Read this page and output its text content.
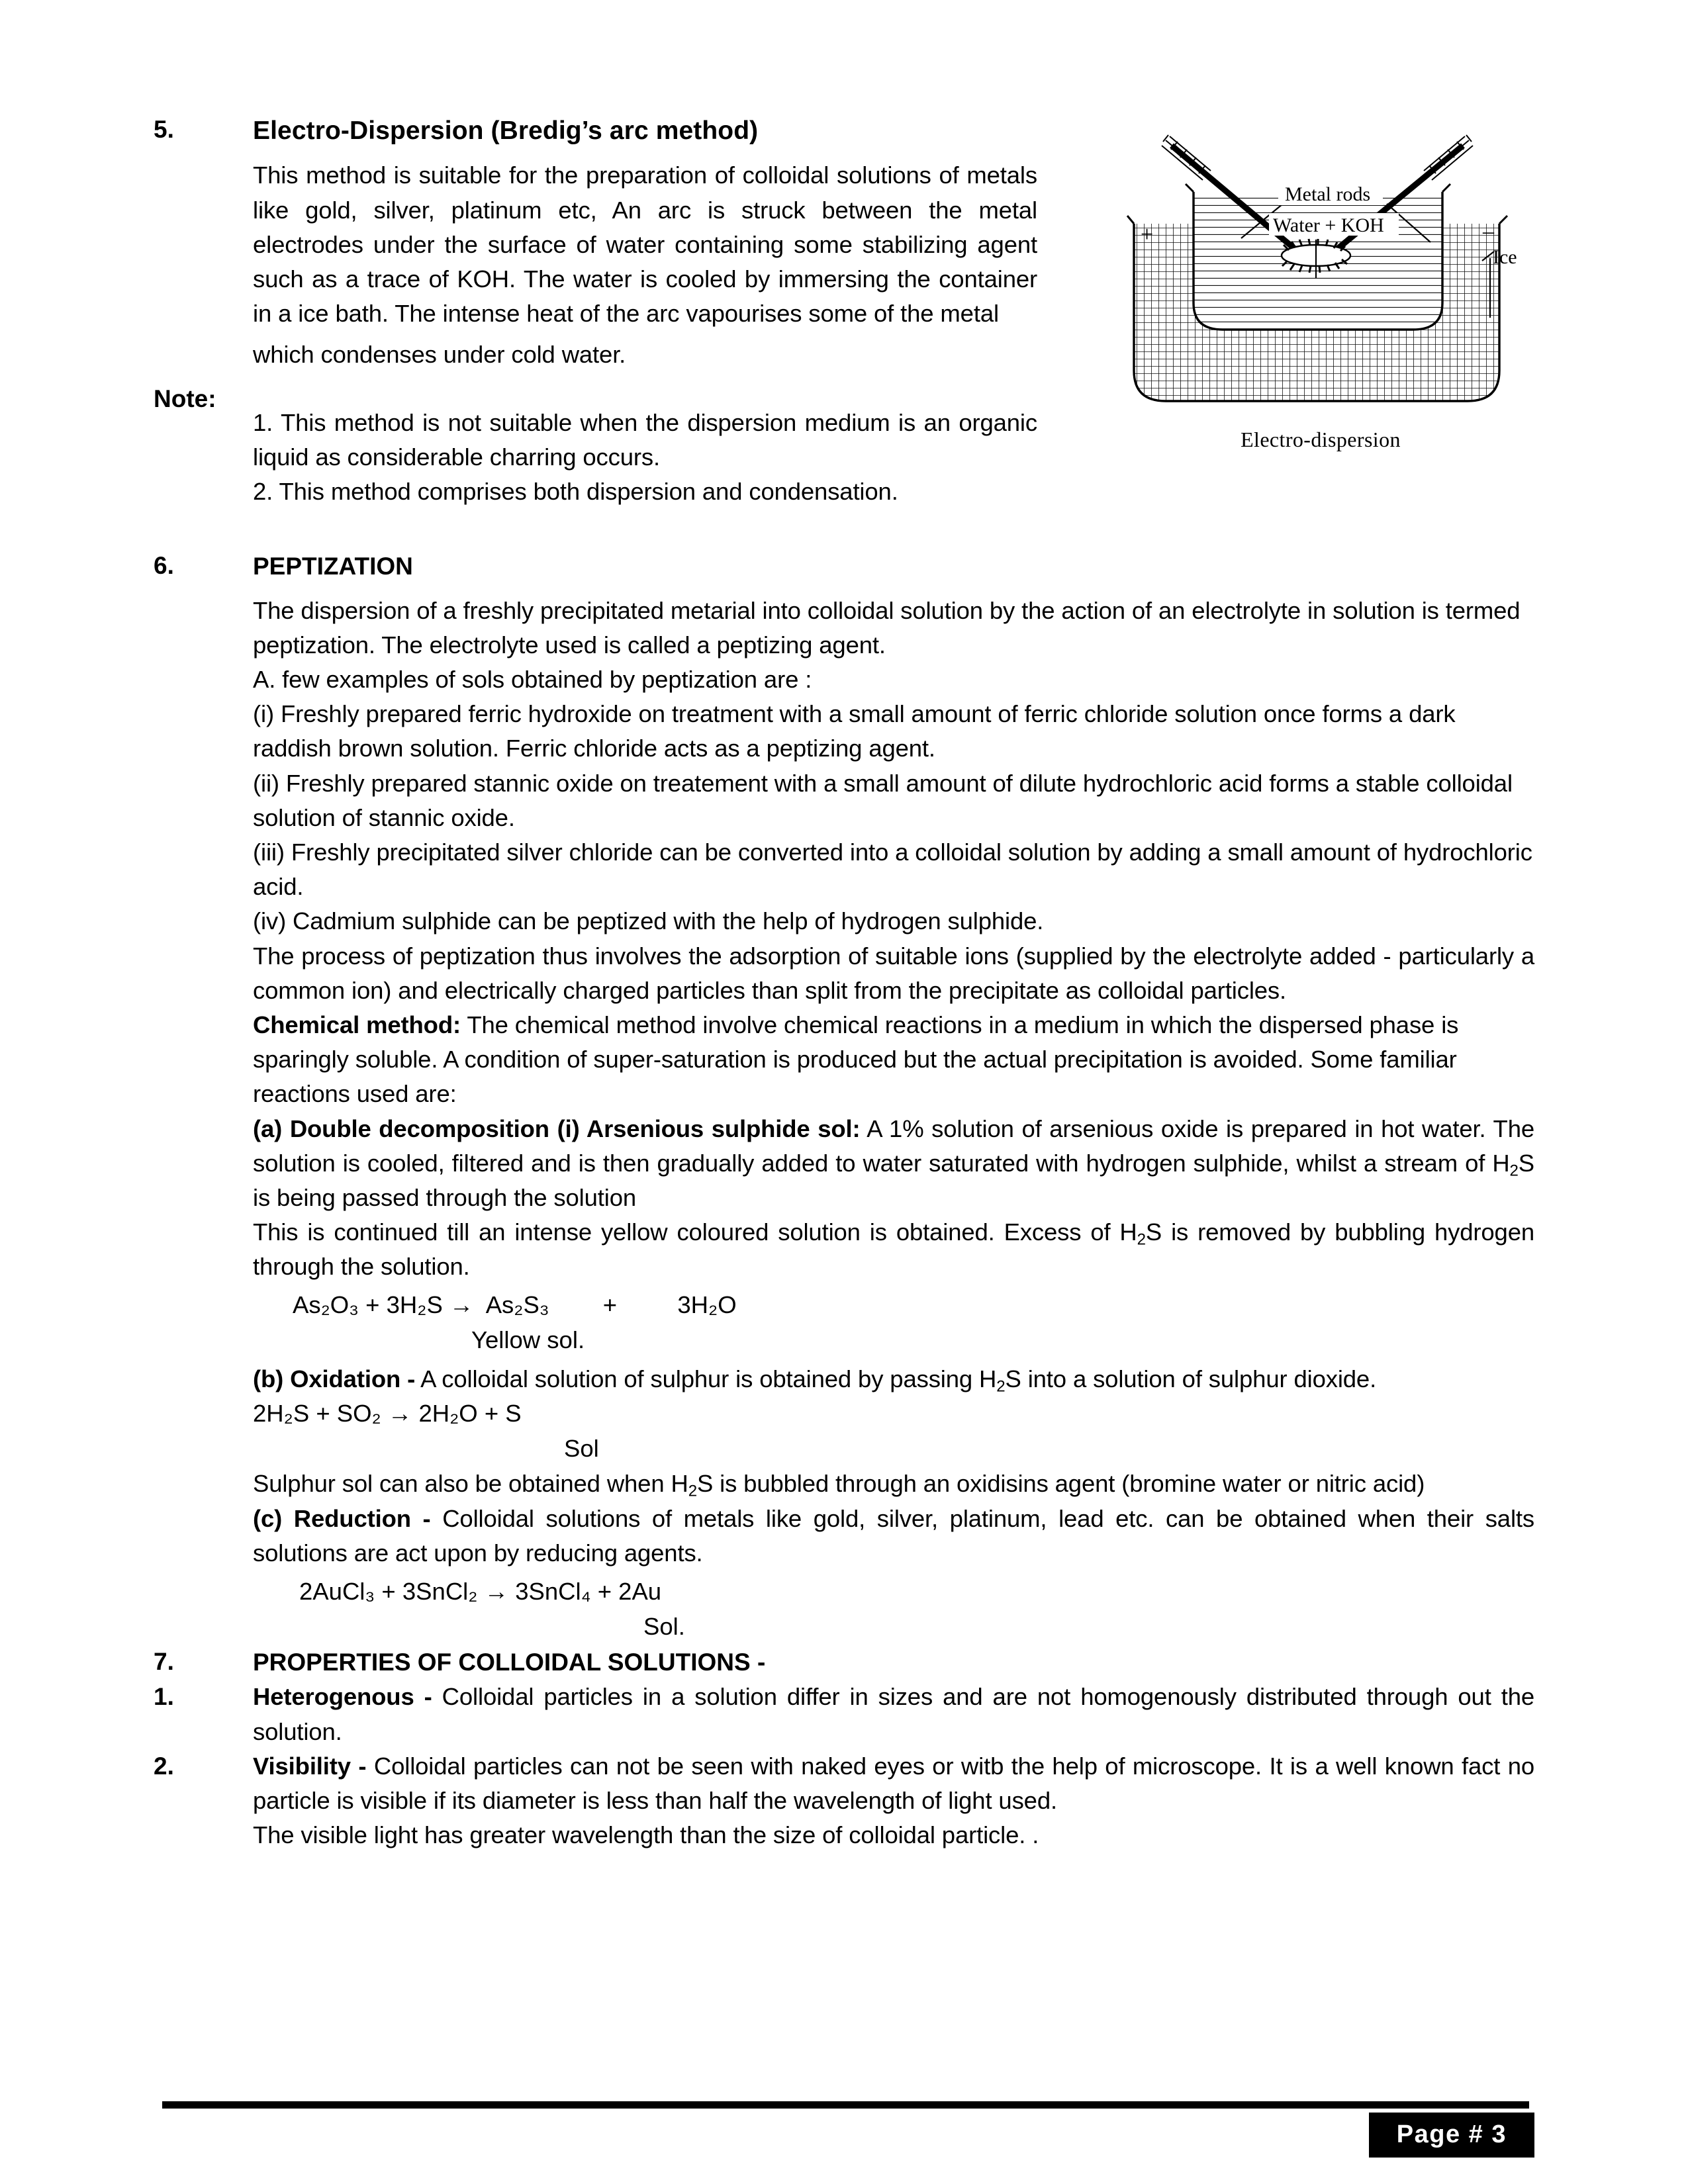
Metal rods
Water + KOH
Ice
+	–
Electro-dispersion
5.	Electro-Dispersion (Bredig’s arc method)

This method is suitable for the preparation of colloidal solutions of metals like gold, silver, platinum etc, An arc is struck between the metal electrodes under the surface of water containing some stabilizing agent such as a trace of KOH. The water is cooled by immersing the container in a ice bath. The intense heat of the arc vapourises some of the metal

which condenses under cold water.

Note:

1. This method is not suitable when the dispersion medium is an organic liquid as considerable charring occurs.

2. This method comprises both dispersion and condensation.

6.	PEPTIZATION

The dispersion of a freshly precipitated metarial into colloidal solution by the action of an electrolyte in solution is termed peptization. The electrolyte used is called a peptizing agent.

A. few examples of sols obtained by peptization are :

(i) Freshly prepared ferric hydroxide on treatment with a small amount of ferric chloride solution once forms a dark raddish brown solution. Ferric chloride acts as a peptizing agent.

(ii) Freshly prepared stannic oxide on treatement with a small amount of dilute hydrochloric acid forms a stable colloidal solution of stannic oxide.

(iii) Freshly precipitated silver chloride can be converted into a colloidal solution by adding a small amount of hydrochloric acid.

(iv) Cadmium sulphide can be peptized with the help of hydrogen sulphide.

The process of peptization thus involves the adsorption of suitable ions (supplied by the electrolyte added - particularly a common ion) and electrically charged particles than split from the precipitate as colloidal particles.

Chemical method: The chemical method involve chemical reactions in a medium in which the dispersed phase is sparingly soluble. A condition of super-saturation is produced but the actual precipitation is avoided. Some familiar reactions used are:

(a) Double decomposition (i) Arsenious sulphide sol: A 1% solution of arsenious oxide is prepared in hot water. The solution is cooled, filtered and is then gradually added to water saturated with hydrogen sulphide, whilst a stream of $H_2S$ is being passed through the solution

This is continued till an intense yellow coloured solution is obtained. Excess of $H_2S$ is removed by bubbling hydrogen through the solution.

As₂O₃ + 3H₂S →  As₂S₃        +         3H₂O
Yellow sol.

(b) Oxidation - A colloidal solution of sulphur is obtained by passing $H_2S$ into a solution of sulphur dioxide.

2H₂S + SO₂ → 2H₂O + S
Sol

Sulphur sol can also be obtained when $H_2S$ is bubbled through an oxidisins agent (bromine water or nitric acid)

(c) Reduction - Colloidal solutions of metals like gold, silver, platinum, lead etc. can be obtained when their salts solutions are act upon by reducing agents.

2AuCl₃ + 3SnCl₂ → 3SnCl₄ + 2Au
Sol.
7.	PROPERTIES OF COLLOIDAL SOLUTIONS -
1.	Heterogenous - Colloidal particles in a solution differ in sizes and are not homogenously distributed through out the solution.

2.	Visibility - Colloidal particles can not be seen with naked eyes or witb the help of microscope. It is a well known fact no particle is visible if its diameter is less than half the wavelength of light used.

The visible light has greater wavelength than the size of colloidal particle. .

Page # 3
